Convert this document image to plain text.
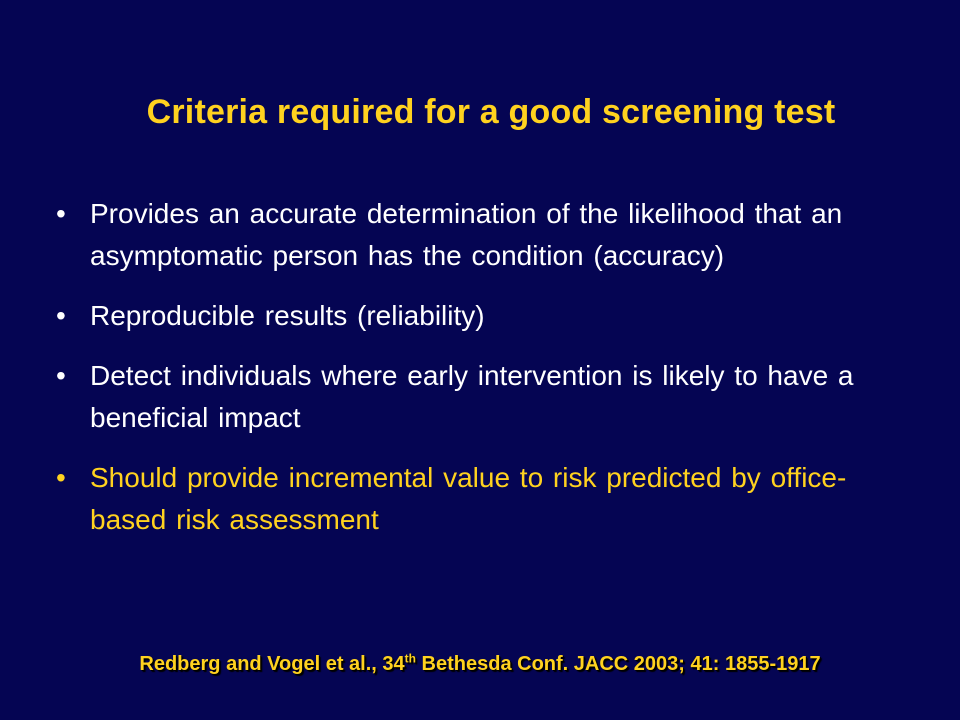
Criteria required for a good screening test
• Provides an accurate determination of the likelihood that an asymptomatic person has the condition (accuracy)
• Reproducible results (reliability)
• Detect individuals where early intervention is likely to have a beneficial impact
• Should provide incremental value to risk predicted by office-based risk assessment
Redberg and Vogel et al., 34th Bethesda Conf. JACC 2003; 41: 1855-1917
